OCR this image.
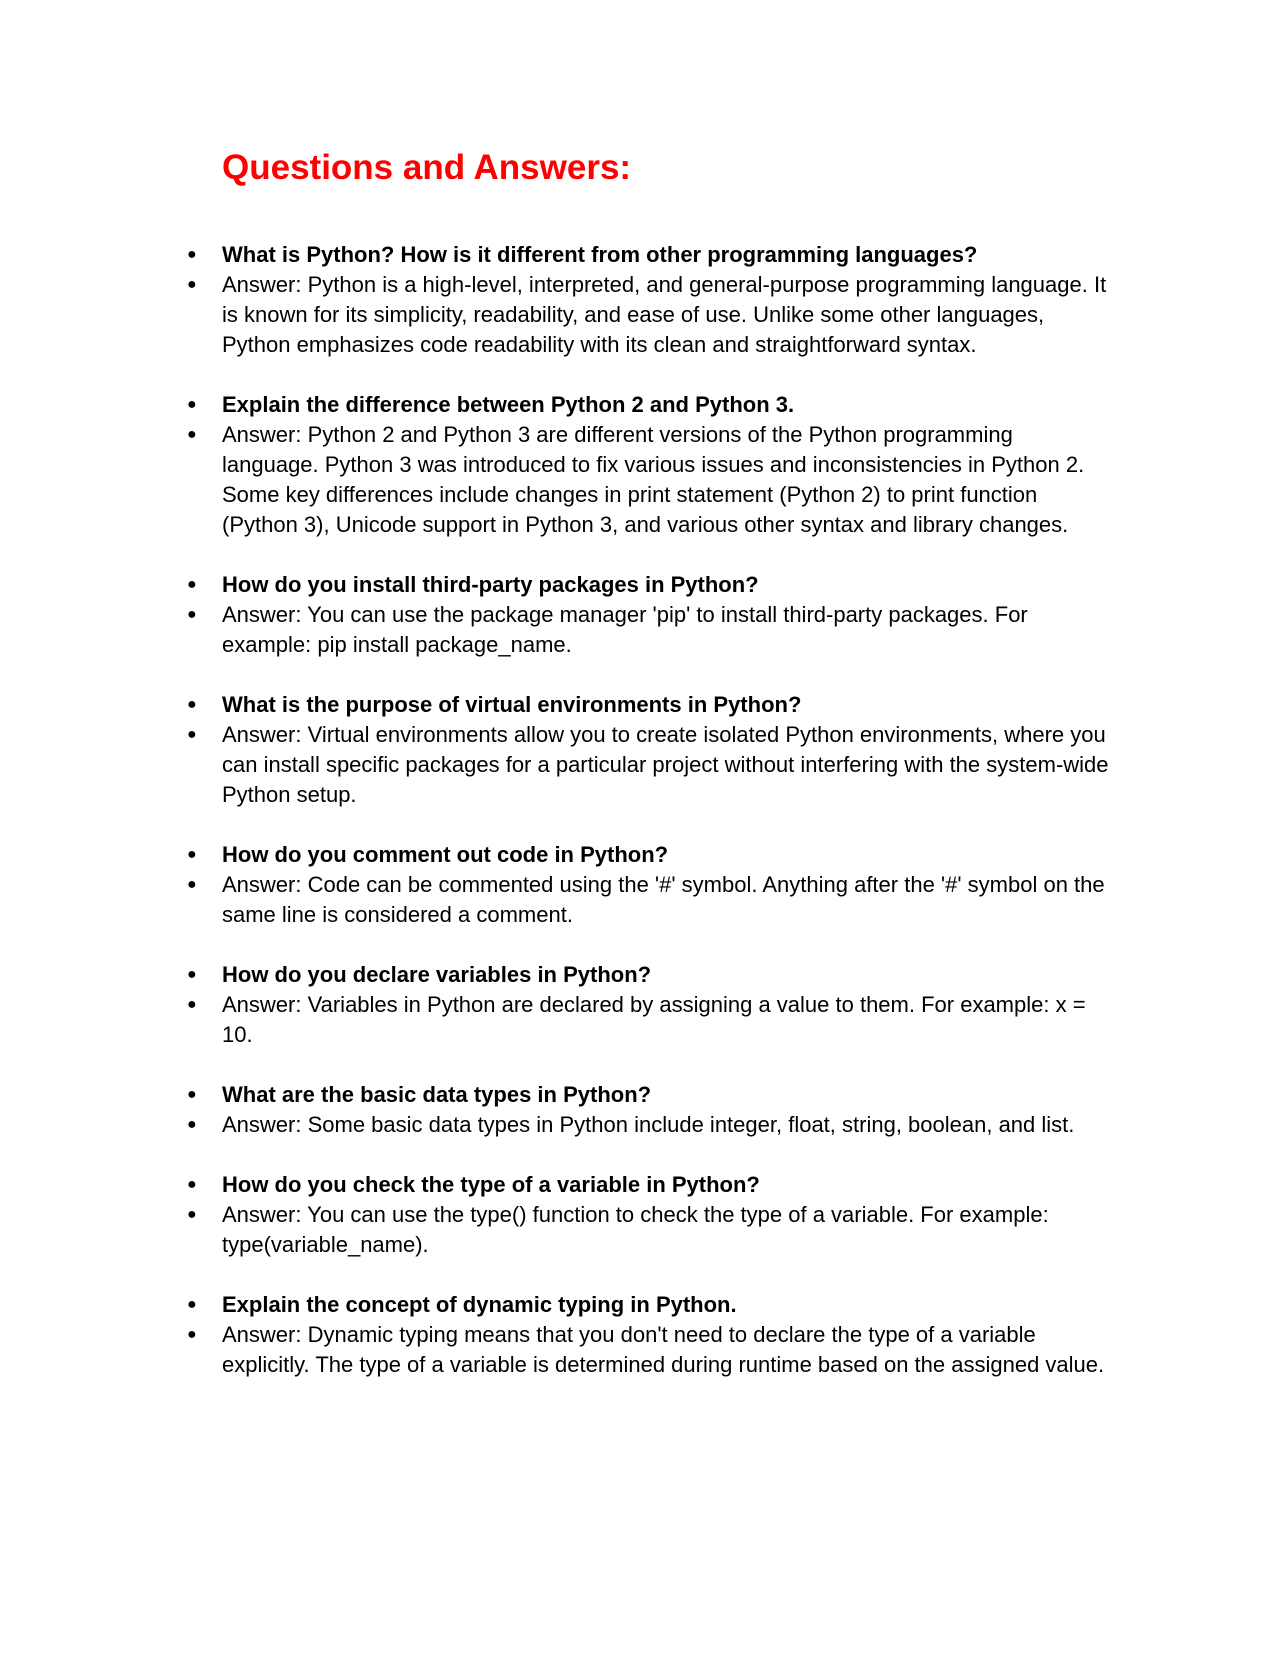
Questions and Answers:
●	What is Python? How is it different from other programming languages?
●	Answer: Python is a high-level, interpreted, and general-purpose programming language. It is known for its simplicity, readability, and ease of use. Unlike some other languages, Python emphasizes code readability with its clean and straightforward syntax.
●	Explain the difference between Python 2 and Python 3.
●	Answer: Python 2 and Python 3 are different versions of the Python programming language. Python 3 was introduced to fix various issues and inconsistencies in Python 2. Some key differences include changes in print statement (Python 2) to print function (Python 3), Unicode support in Python 3, and various other syntax and library changes.
●	How do you install third-party packages in Python?
●	Answer: You can use the package manager 'pip' to install third-party packages. For example: pip install package_name.
●	What is the purpose of virtual environments in Python?
●	Answer: Virtual environments allow you to create isolated Python environments, where you can install specific packages for a particular project without interfering with the system-wide Python setup.
●	How do you comment out code in Python?
●	Answer: Code can be commented using the '#' symbol. Anything after the '#' symbol on the same line is considered a comment.
●	How do you declare variables in Python?
●	Answer: Variables in Python are declared by assigning a value to them. For example: x = 10.
●	What are the basic data types in Python?
●	Answer: Some basic data types in Python include integer, float, string, boolean, and list.
●	How do you check the type of a variable in Python?
●	Answer: You can use the type() function to check the type of a variable. For example: type(variable_name).
●	Explain the concept of dynamic typing in Python.
●	Answer: Dynamic typing means that you don't need to declare the type of a variable explicitly. The type of a variable is determined during runtime based on the assigned value.
